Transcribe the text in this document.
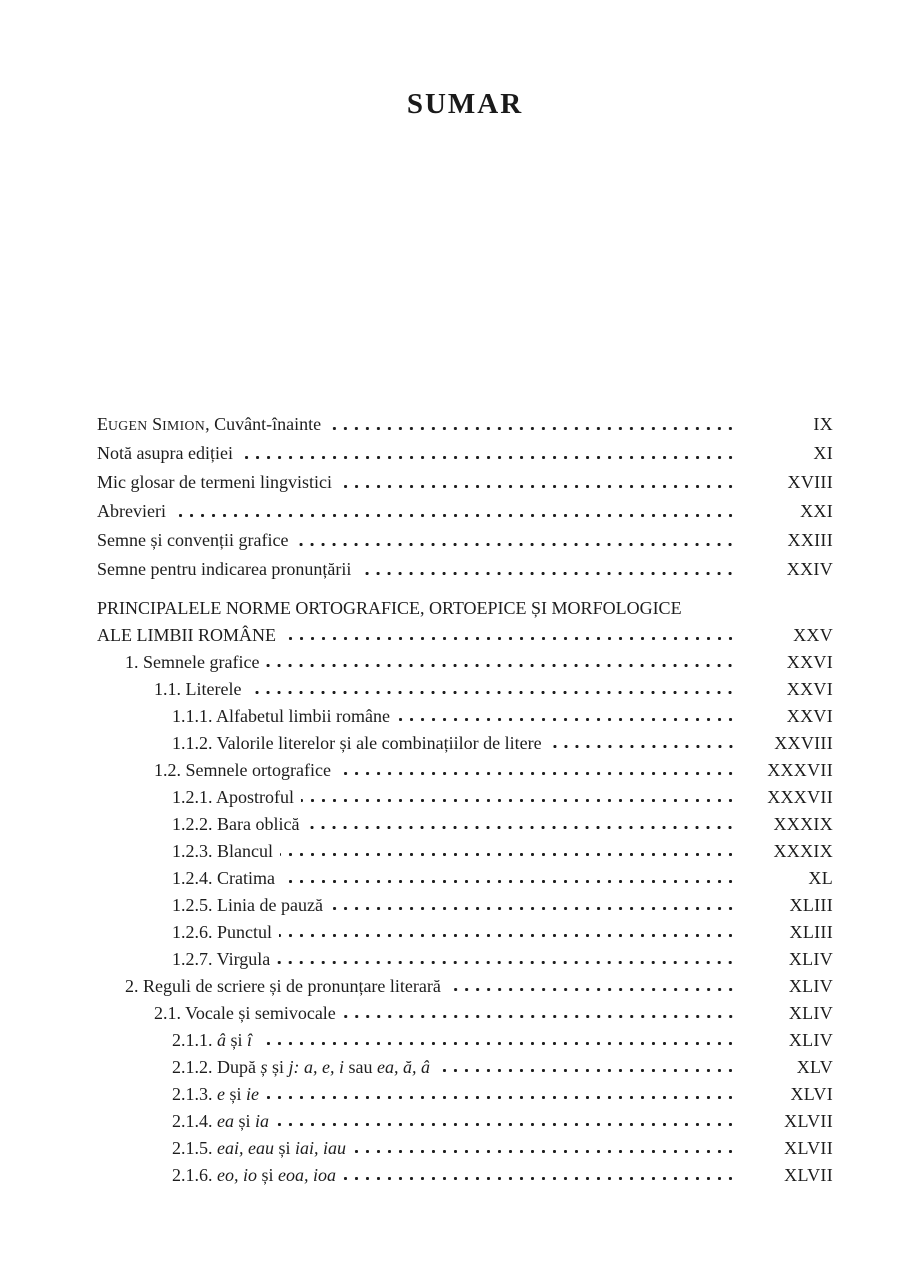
SUMAR
EUGEN SIMION, Cuvânt-înainte	IX
Notă asupra ediției	XI
Mic glosar de termeni lingvistici	XVIII
Abrevieri	XXI
Semne și convenții grafice	XXIII
Semne pentru indicarea pronunțării	XXIV
PRINCIPALELE NORME ORTOGRAFICE, ORTOEPICE ȘI MORFOLOGICE
ALE LIMBII ROMÂNE	XXV
1. Semnele grafice	XXVI
1.1. Literele	XXVI
1.1.1. Alfabetul limbii române	XXVI
1.1.2. Valorile literelor și ale combinațiilor de litere	XXVIII
1.2. Semnele ortografice	XXXVII
1.2.1. Apostroful	XXXVII
1.2.2. Bara oblică	XXXIX
1.2.3. Blancul	XXXIX
1.2.4. Cratima	XL
1.2.5. Linia de pauză	XLIII
1.2.6. Punctul	XLIII
1.2.7. Virgula	XLIV
2. Reguli de scriere și de pronunțare literară	XLIV
2.1. Vocale și semivocale	XLIV
2.1.1. â și î	XLIV
2.1.2. După ș și j: a, e, i sau ea, ă, â	XLV
2.1.3. e și ie	XLVI
2.1.4. ea și ia	XLVII
2.1.5. eai, eau și iai, iau	XLVII
2.1.6. eo, io și eoa, ioa	XLVII
